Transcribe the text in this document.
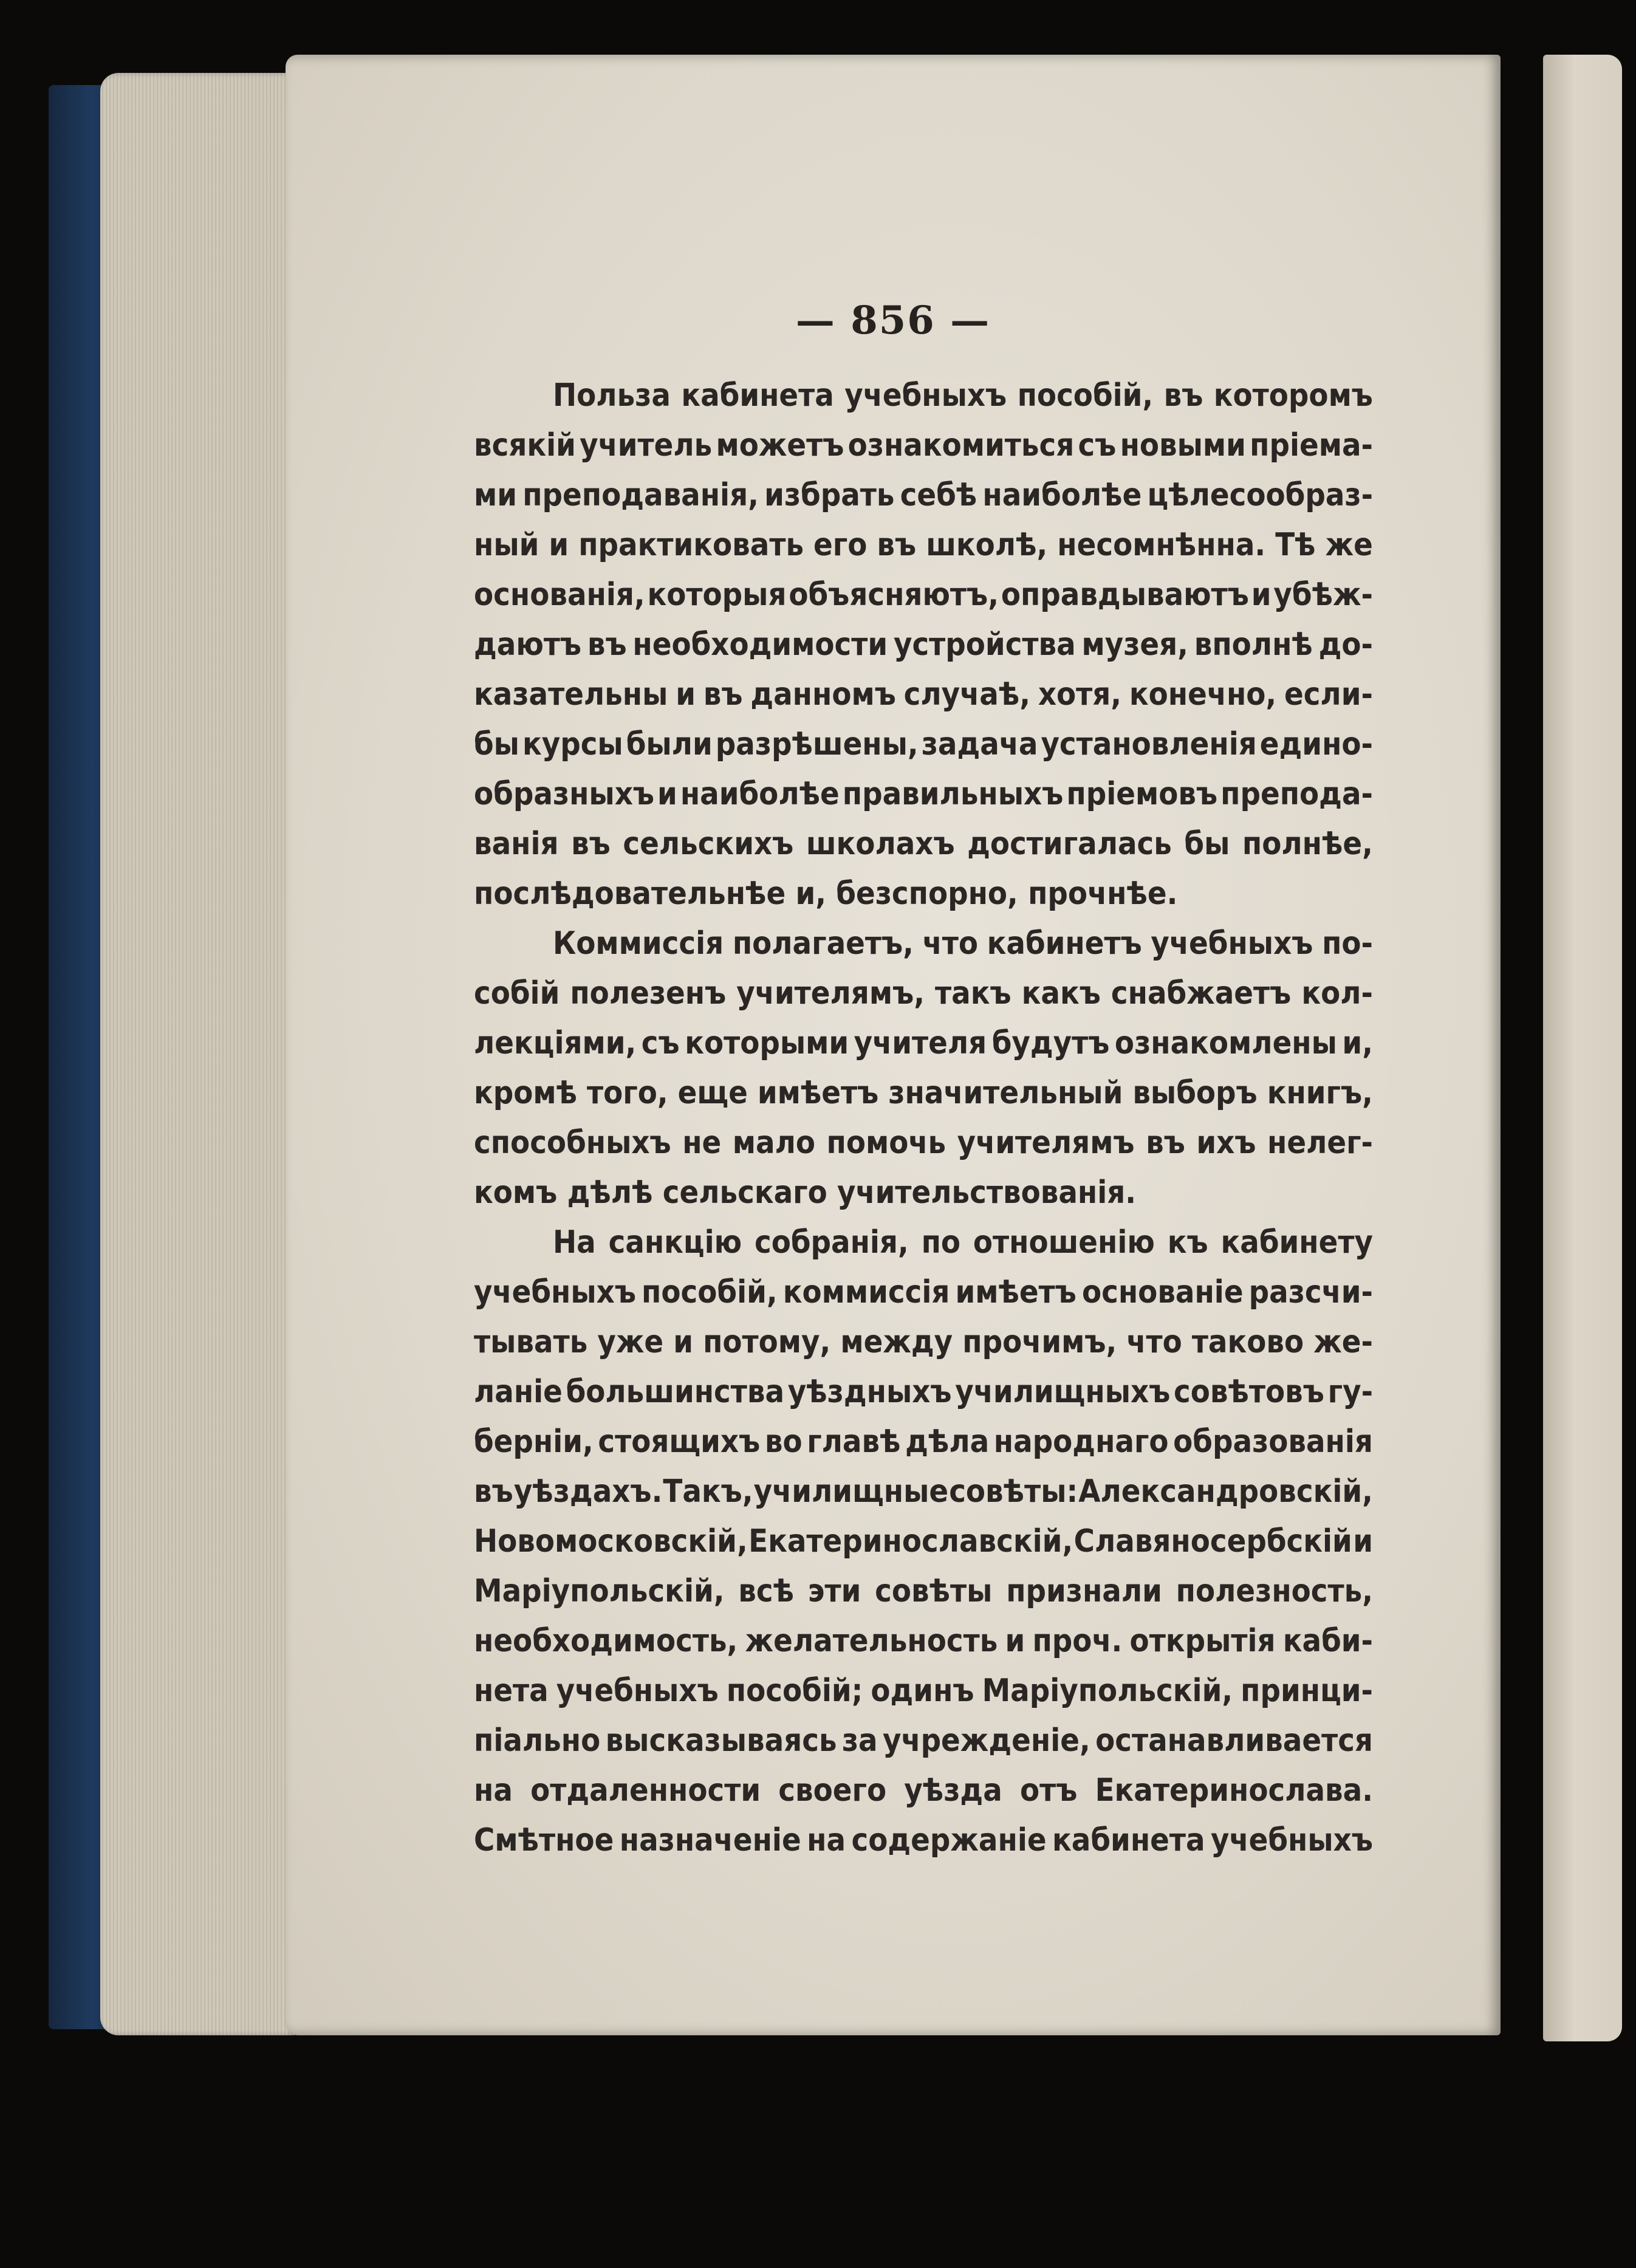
— 856 —
Польза кабинета учебныхъ пособій, въ которомъ
всякій учитель можетъ ознакомиться съ новыми пріема-
ми преподаванія, избрать себѣ наиболѣе цѣлесообраз-
ный и практиковать его въ школѣ, несомнѣнна. Тѣ же
основанія, которыя объясняютъ, оправдываютъ и убѣж-
даютъ въ необходимости устройства музея, вполнѣ до-
казательны и въ данномъ случаѣ, хотя, конечно, если-
бы курсы были разрѣшены, задача установленія едино-
образныхъ и наиболѣе правильныхъ пріемовъ препода-
ванія въ сельскихъ школахъ достигалась бы полнѣе,
послѣдовательнѣе и, безспорно, прочнѣе.
Коммиссія полагаетъ, что кабинетъ учебныхъ по-
собій полезенъ учителямъ, такъ какъ снабжаетъ кол-
лекціями, съ которыми учителя будутъ ознакомлены и,
кромѣ того, еще имѣетъ значительный выборъ книгъ,
способныхъ не мало помочь учителямъ въ ихъ нелег-
комъ дѣлѣ сельскаго учительствованія.
На санкцію собранія, по отношенію къ кабинету
учебныхъ пособій, коммиссія имѣетъ основаніе разсчи-
тывать уже и потому, между прочимъ, что таково же-
ланіе большинства уѣздныхъ училищныхъ совѣтовъ гу-
берніи, стоящихъ во главѣ дѣла народнаго образованія
въ уѣздахъ. Такъ, училищные совѣты: Александровскій,
Новомосковскій, Екатеринославскій, Славяносербскій и
Маріупольскій, всѣ эти совѣты признали полезность,
необходимость, желательность и проч. открытія каби-
нета учебныхъ пособій; одинъ Маріупольскій, принци-
піально высказываясь за учрежденіе, останавливается
на отдаленности своего уѣзда отъ Екатеринослава.
Смѣтное назначеніе на содержаніе кабинета учебныхъ
